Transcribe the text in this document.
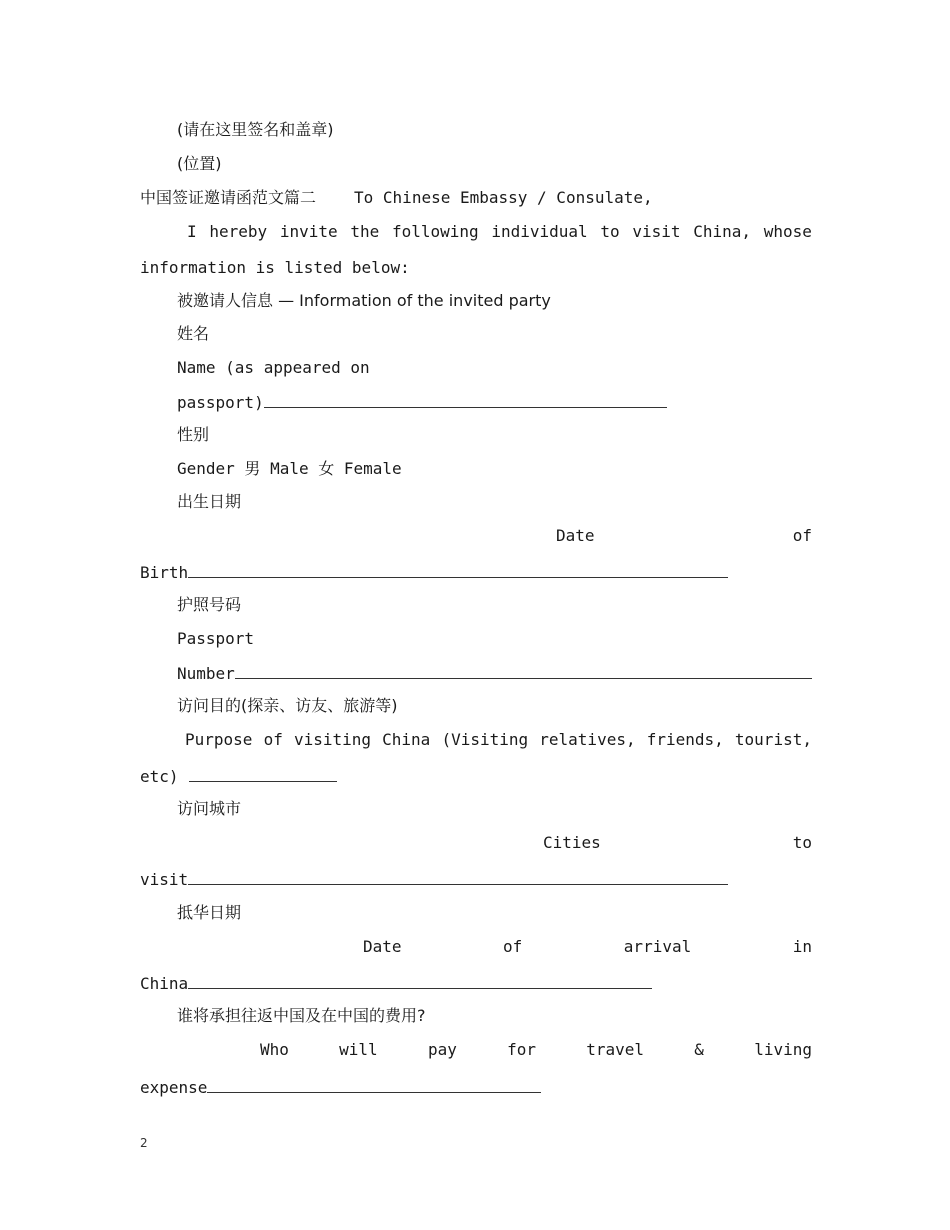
(请在这里签名和盖章)
(位置)
中国签证邀请函范文篇二 To Chinese Embassy / Consulate,
I hereby invite the following individual to visit China, whose
information is listed below:
被邀请人信息 — Information of the invited party
姓名
Name (as appeared on
passport)
性别
Gender 男 Male 女 Female
出生日期
Date	of
Birth
护照号码
Passport
Number
访问目的(探亲、访友、旅游等)
Purpose of visiting China (Visiting relatives, friends, tourist,
etc)
访问城市
Cities	to
visit
抵华日期
Date	of	arrival	in
China
谁将承担往返中国及在中国的费用?
Who	will	pay	for	travel	&	living
expense
2
